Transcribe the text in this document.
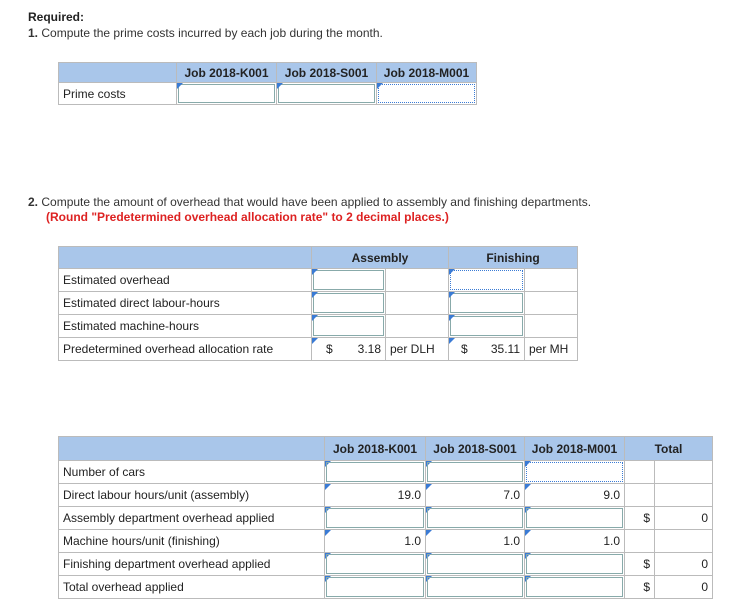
Required:
1. Compute the prime costs incurred by each job during the month.
	Job 2018-K001	Job 2018-S001	Job 2018-M001
Prime costs	

2. Compute the amount of overhead that would have been applied to assembly and finishing departments.
(Round "Predetermined overhead allocation rate" to 2 decimal places.)
	Assembly		Finishing	
Estimated overhead	

Estimated direct labour-hours	

Estimated machine-hours	

Predetermined overhead allocation rate	$ 3.18	per DLH	$ 35.11	per MH
	Job 2018-K001	Job 2018-S001	Job 2018-M001	Total	
Number of cars	

Direct labour hours/unit (assembly)	19.0	7.0	9.0		
Assembly department overhead applied				$	0
Machine hours/unit (finishing)	1.0	1.0	1.0		
Finishing department overhead applied				$	0
Total overhead applied				$	0
